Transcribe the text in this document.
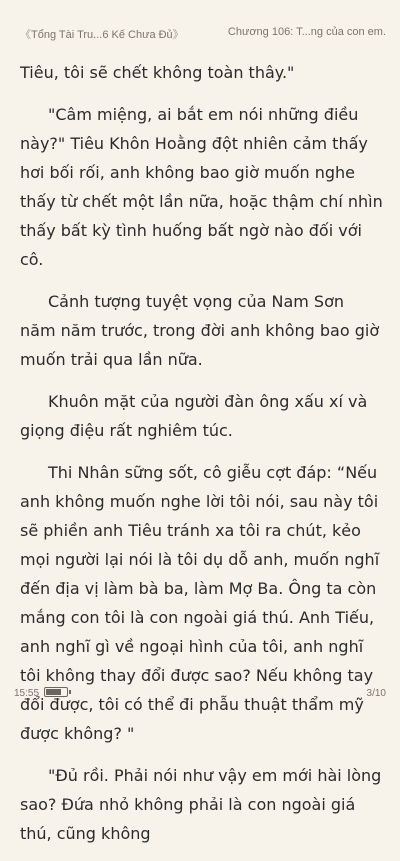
《Tổng Tài Tru...6 Kế Chưa Đủ》	Chương 106: T...ng của con em.

Tiêu, tôi sẽ chết không toàn thây."

"Câm miệng, ai bắt em nói những điều này?" Tiêu Khôn Hoằng đột nhiên cảm thấy hơi bối rối, anh không bao giờ muốn nghe thấy từ chết một lần nữa, hoặc thậm chí nhìn thấy bất kỳ tình huống bất ngờ nào đối với cô.

Cảnh tượng tuyệt vọng của Nam Sơn năm năm trước, trong đời anh không bao giờ muốn trải qua lần nữa.

Khuôn mặt của người đàn ông xấu xí và giọng điệu rất nghiêm túc.

Thi Nhân sững sốt, cô giễu cợt đáp: “Nếu anh không muốn nghe lời tôi nói, sau này tôi sẽ phiền anh Tiêu tránh xa tôi ra chút, kẻo mọi người lại nói là tôi dụ dỗ anh, muốn nghĩ đến địa vị làm bà ba, làm Mợ Ba. Ông ta còn mắng con tôi là con ngoài giá thú. Anh Tiếu, anh nghĩ gì về ngoại hình của tôi, anh nghĩ tôi không thay đổi được sao? Nếu không tay đổi được, tôi có thể đi phẫu thuật thẩm mỹ được không? "

"Đủ rồi. Phải nói như vậy em mới hài lòng sao? Đứa nhỏ không phải là con ngoài giá thú, cũng không

15:55	3/10
